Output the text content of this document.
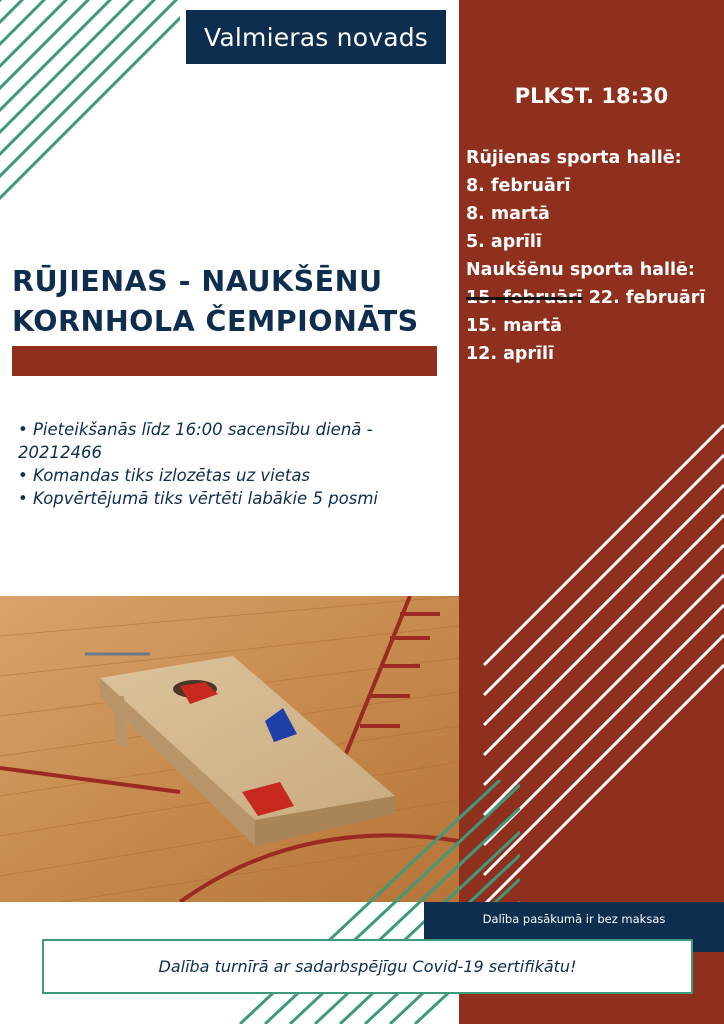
Valmieras novads
PLKST. 18:30
Rūjienas sporta hallē:
8. februārī
8. martā
5. aprīlī
Naukšēnu sporta hallē:
15. februārī 22. februārī
15. martā
12. aprīlī
RŪJIENAS - NAUKŠĒNU
KORNHOLA ČEMPIONĀTS
• Pieteikšanās līdz 16:00 sacensību dienā - 20212466
• Komandas tiks izlozētas uz vietas
• Kopvērtējumā tiks vērtēti labākie 5 posmi
Dalība pasākumā ir bez maksas
Dalība turnīrā ar sadarbspējīgu Covid-19 sertifikātu!
